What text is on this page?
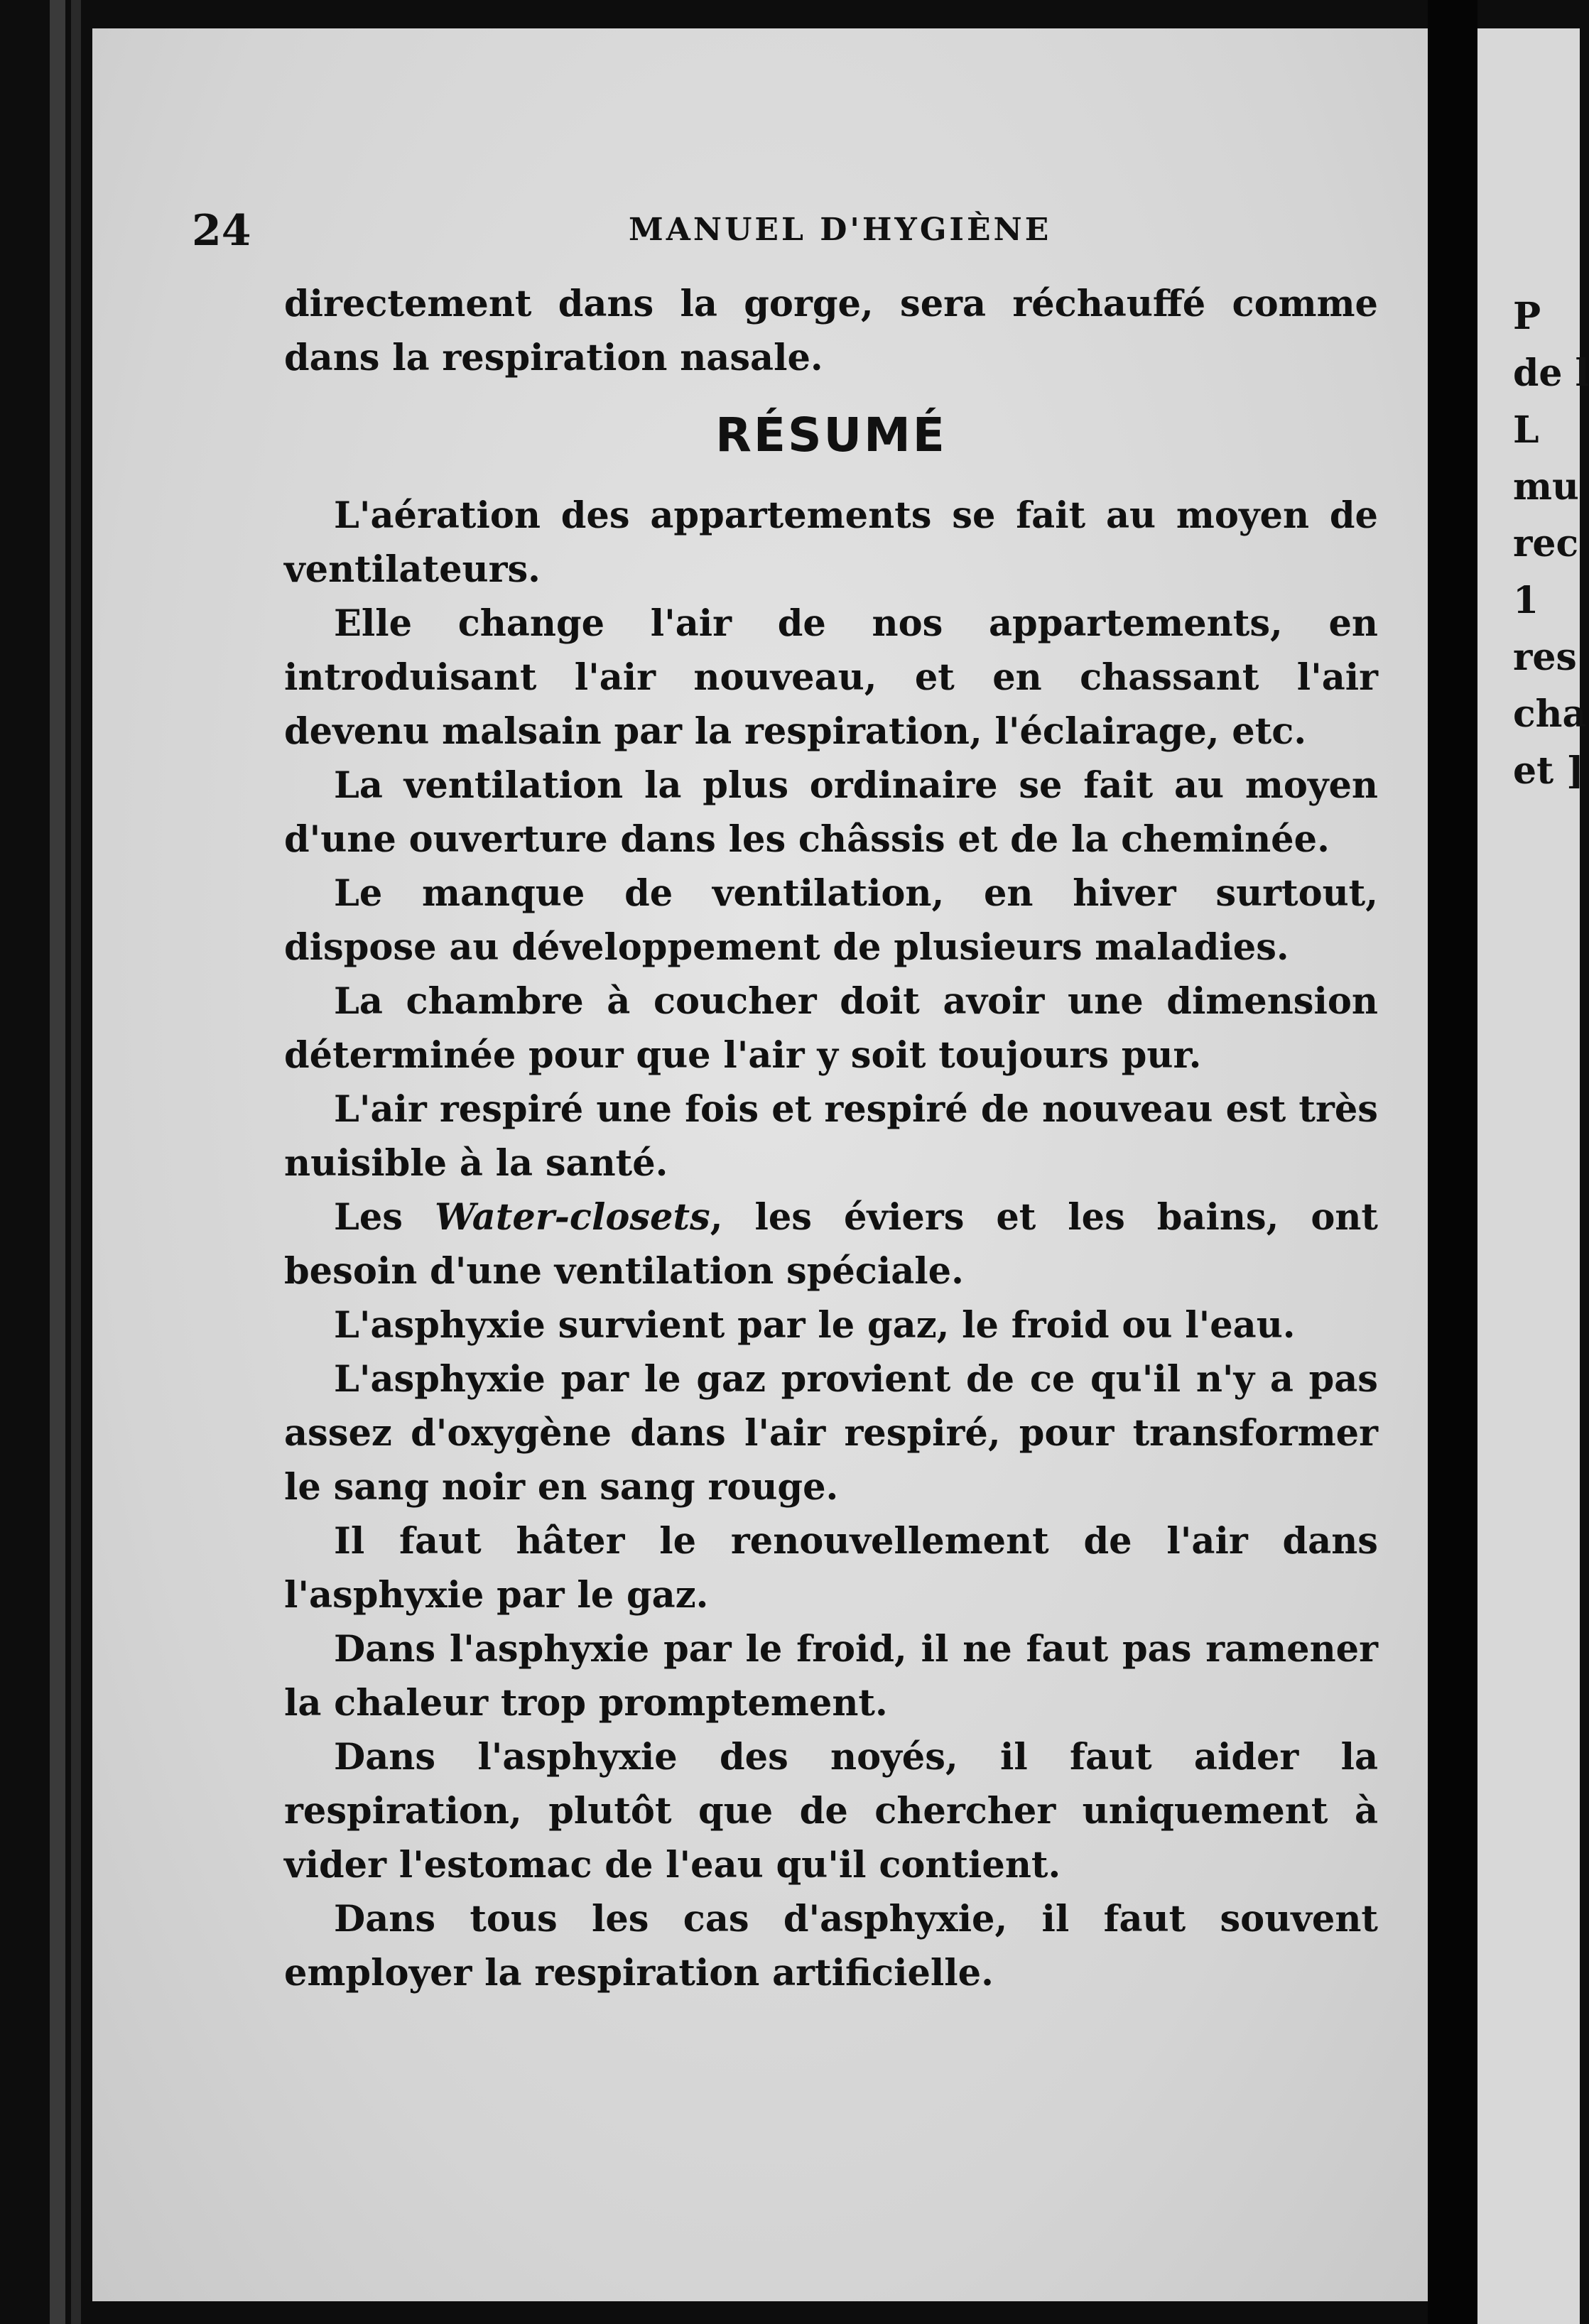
P
de l
L
mu
rec
1
res
cha
et ]
24	MANUEL D'HYGIÈNE

directement dans la gorge, sera réchauffé comme dans la respiration nasale.

RÉSUMÉ

L'aération des appartements se fait au moyen de ventilateurs.

Elle change l'air de nos appartements, en introduisant l'air nouveau, et en chassant l'air devenu malsain par la respiration, l'éclairage, etc.

La ventilation la plus ordinaire se fait au moyen d'une ouverture dans les châssis et de la cheminée.

Le manque de ventilation, en hiver surtout, dispose au développement de plusieurs maladies.

La chambre à coucher doit avoir une dimension déterminée pour que l'air y soit toujours pur.

L'air respiré une fois et respiré de nouveau est très nuisible à la santé.

Les Water-closets, les éviers et les bains, ont besoin d'une ventilation spéciale.

L'asphyxie survient par le gaz, le froid ou l'eau.

L'asphyxie par le gaz provient de ce qu'il n'y a pas assez d'oxygène dans l'air respiré, pour transformer le sang noir en sang rouge.

Il faut hâter le renouvellement de l'air dans l'asphyxie par le gaz.

Dans l'asphyxie par le froid, il ne faut pas ramener la chaleur trop promptement.

Dans l'asphyxie des noyés, il faut aider la respiration, plutôt que de chercher uniquement à vider l'estomac de l'eau qu'il contient.

Dans tous les cas d'asphyxie, il faut souvent employer la respiration artificielle.
